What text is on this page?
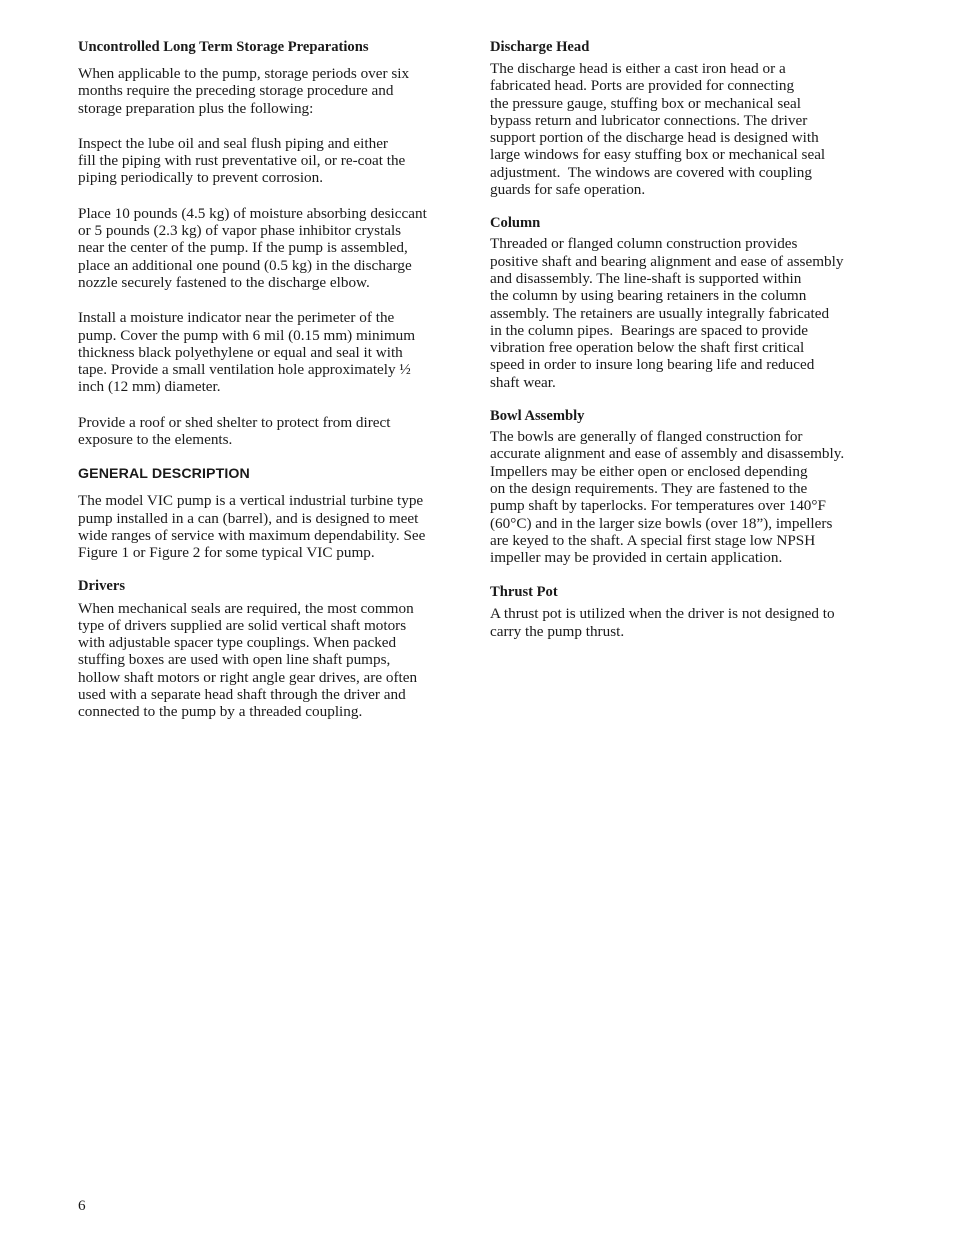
Uncontrolled Long Term Storage Preparations
When applicable to the pump, storage periods over six
months require the preceding storage procedure and
storage preparation plus the following:
Inspect the lube oil and seal flush piping and either
fill the piping with rust preventative oil, or re-coat the
piping periodically to prevent corrosion.
Place 10 pounds (4.5 kg) of moisture absorbing desiccant
or 5 pounds (2.3 kg) of vapor phase inhibitor crystals
near the center of the pump. If the pump is assembled,
place an additional one pound (0.5 kg) in the discharge
nozzle securely fastened to the discharge elbow.
Install a moisture indicator near the perimeter of the
pump. Cover the pump with 6 mil (0.15 mm) minimum
thickness black polyethylene or equal and seal it with
tape. Provide a small ventilation hole approximately ½
inch (12 mm) diameter.
Provide a roof or shed shelter to protect from direct
exposure to the elements.
GENERAL DESCRIPTION
The model VIC pump is a vertical industrial turbine type
pump installed in a can (barrel), and is designed to meet
wide ranges of service with maximum dependability. See
Figure 1 or Figure 2 for some typical VIC pump.
Drivers
When mechanical seals are required, the most common
type of drivers supplied are solid vertical shaft motors
with adjustable spacer type couplings. When packed
stuffing boxes are used with open line shaft pumps,
hollow shaft motors or right angle gear drives, are often
used with a separate head shaft through the driver and
connected to the pump by a threaded coupling.
Discharge Head
The discharge head is either a cast iron head or a
fabricated head. Ports are provided for connecting
the pressure gauge, stuffing box or mechanical seal
bypass return and lubricator connections. The driver
support portion of the discharge head is designed with
large windows for easy stuffing box or mechanical seal
adjustment.  The windows are covered with coupling
guards for safe operation.
Column
Threaded or flanged column construction provides
positive shaft and bearing alignment and ease of assembly
and disassembly. The line-shaft is supported within
the column by using bearing retainers in the column
assembly. The retainers are usually integrally fabricated
in the column pipes.  Bearings are spaced to provide
vibration free operation below the shaft first critical
speed in order to insure long bearing life and reduced
shaft wear.
Bowl Assembly
The bowls are generally of flanged construction for
accurate alignment and ease of assembly and disassembly.
Impellers may be either open or enclosed depending
on the design requirements. They are fastened to the
pump shaft by taperlocks. For temperatures over 140°F
(60°C) and in the larger size bowls (over 18”), impellers
are keyed to the shaft. A special first stage low NPSH
impeller may be provided in certain application.
Thrust Pot
A thrust pot is utilized when the driver is not designed to
carry the pump thrust.
6
